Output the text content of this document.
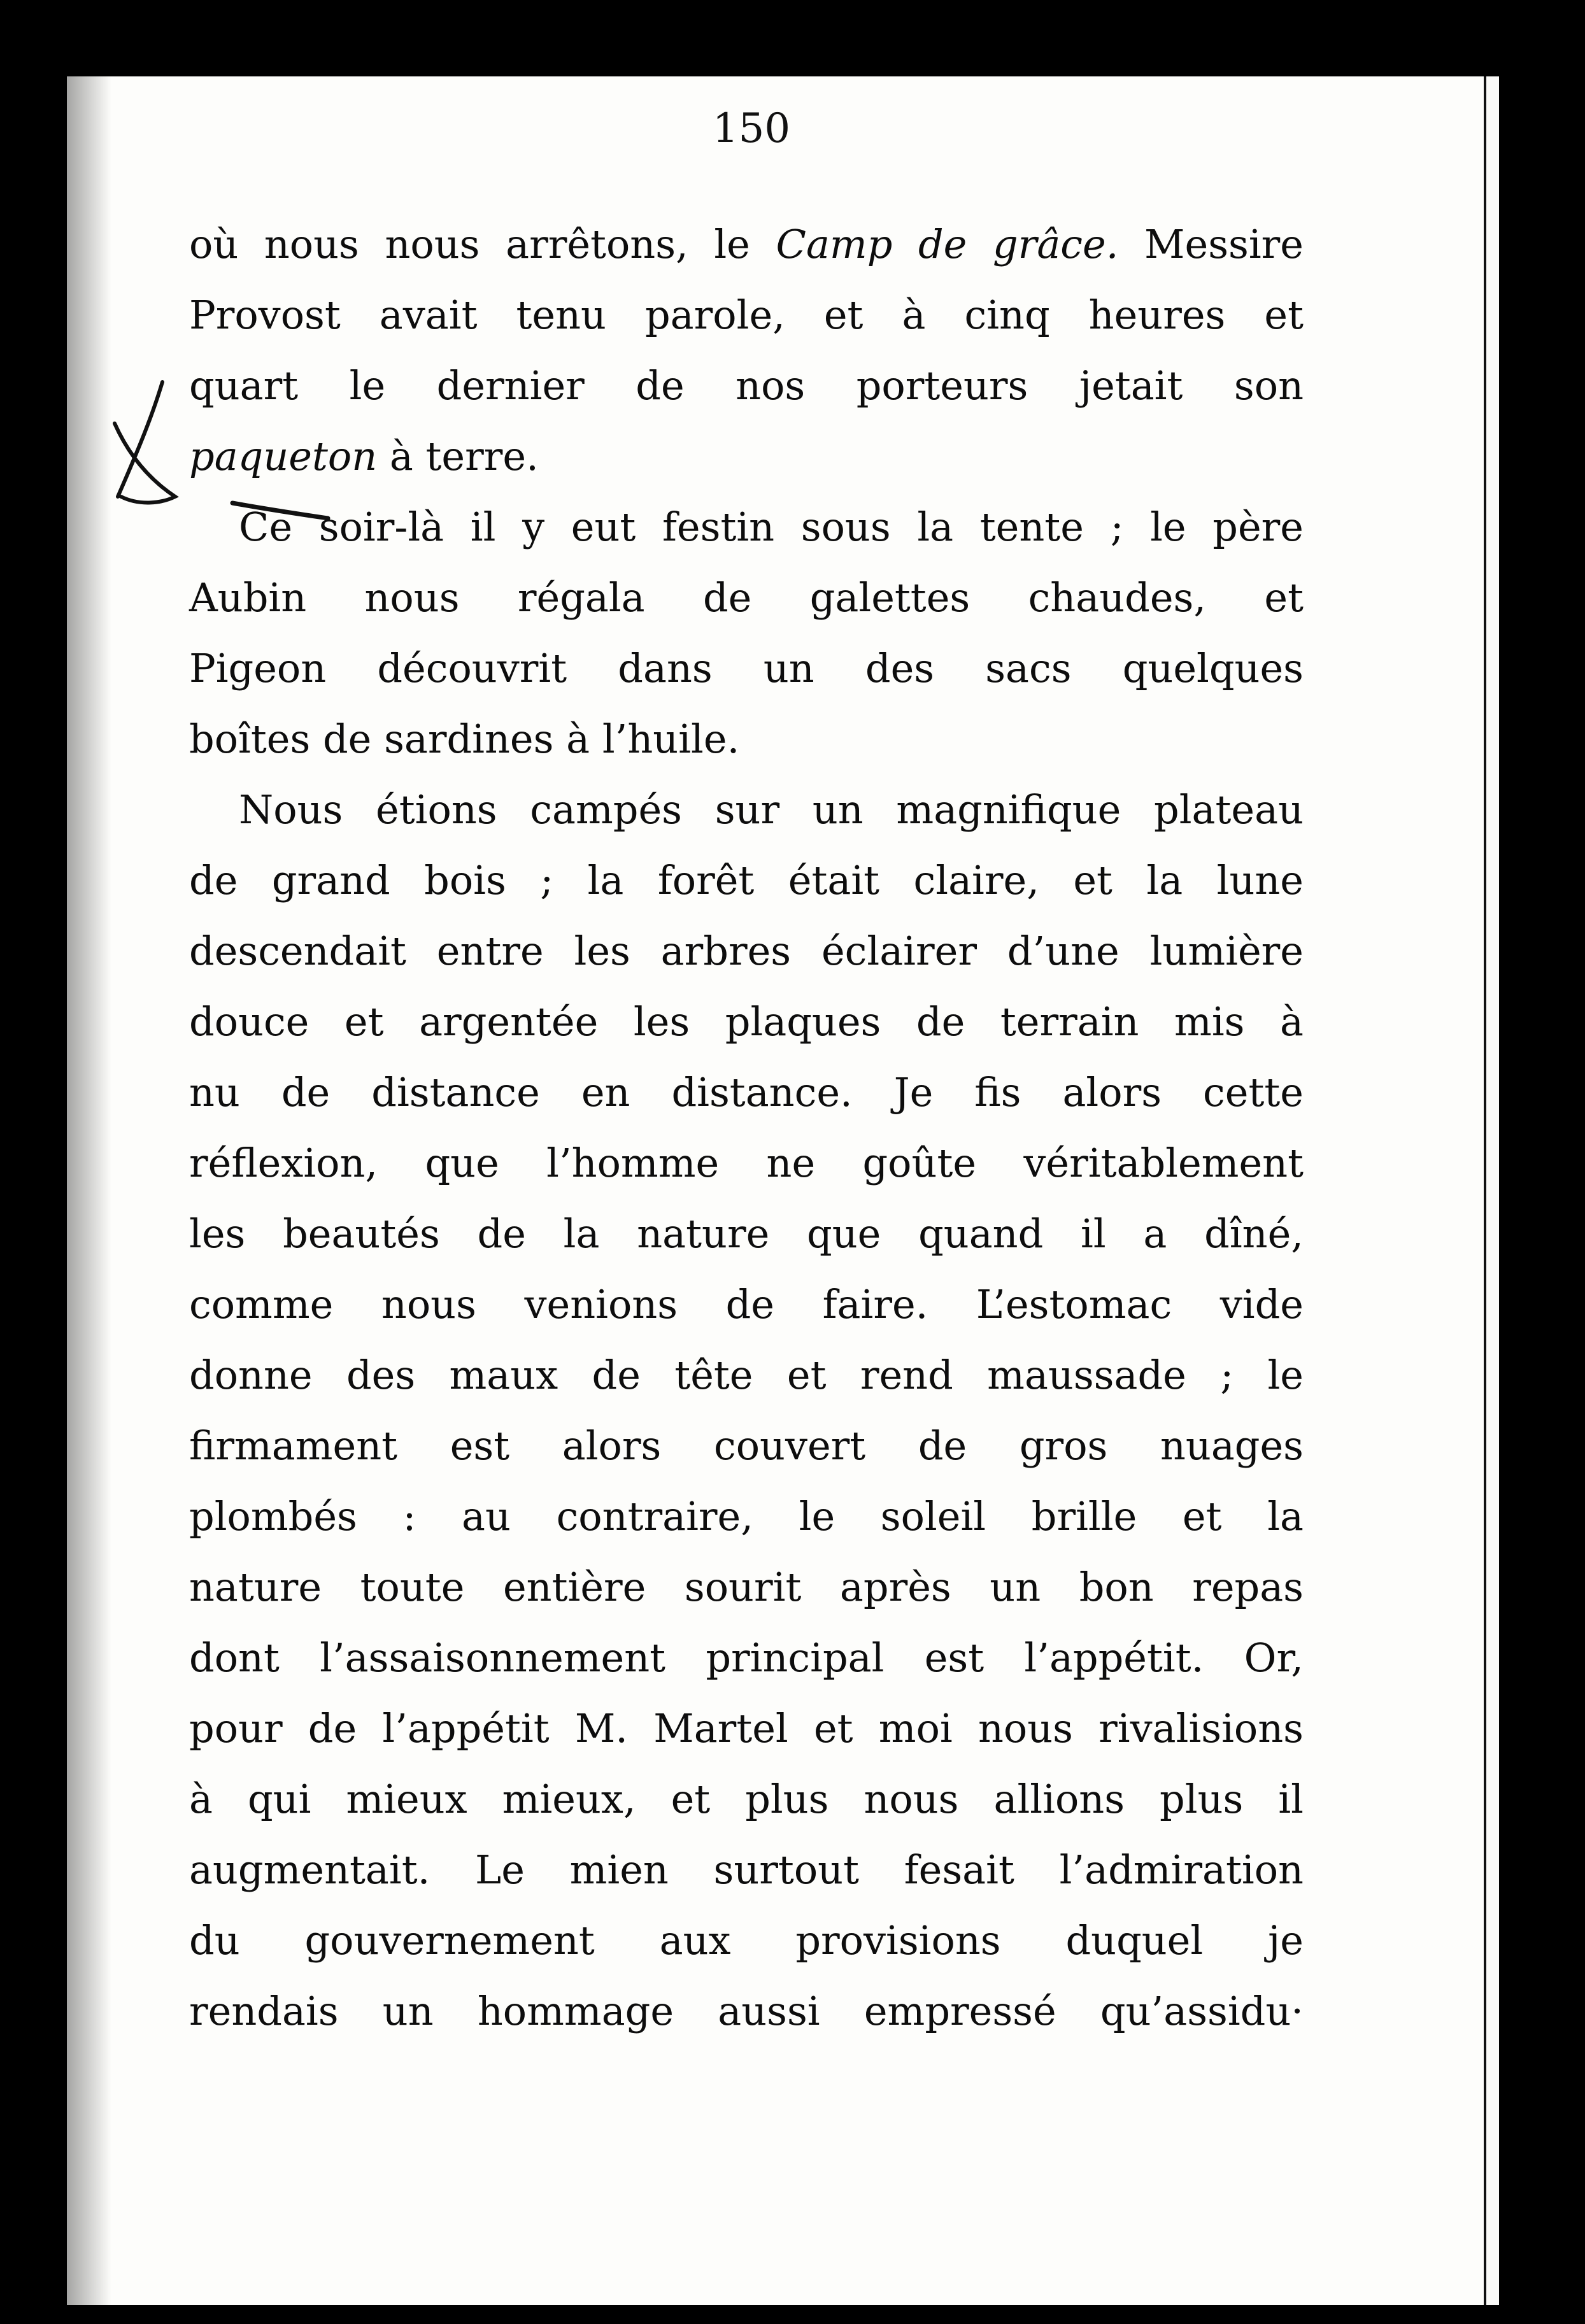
150
où nous nous arrêtons, le Camp de grâce. Messire
Provost avait tenu parole, et à cinq heures et
quart le dernier de nos porteurs jetait son
paqueton à terre.
Ce soir-là il y eut festin sous la tente ; le père
Aubin nous régala de galettes chaudes, et
Pigeon découvrit dans un des sacs quelques
boîtes de sardines à l’huile.
Nous étions campés sur un magnifique plateau
de grand bois ; la forêt était claire, et la lune
descendait entre les arbres éclairer d’une lumière
douce et argentée les plaques de terrain mis à
nu de distance en distance. Je fis alors cette
réflexion, que l’homme ne goûte véritablement
les beautés de la nature que quand il a dîné,
comme nous venions de faire. L’estomac vide
donne des maux de tête et rend maussade ; le
firmament est alors couvert de gros nuages
plombés : au contraire, le soleil brille et la
nature toute entière sourit après un bon repas
dont l’assaisonnement principal est l’appétit. Or,
pour de l’appétit M. Martel et moi nous rivalisions
à qui mieux mieux, et plus nous allions plus il
augmentait. Le mien surtout fesait l’admiration
du gouvernement aux provisions duquel je
rendais un hommage aussi empressé qu’assidu·
